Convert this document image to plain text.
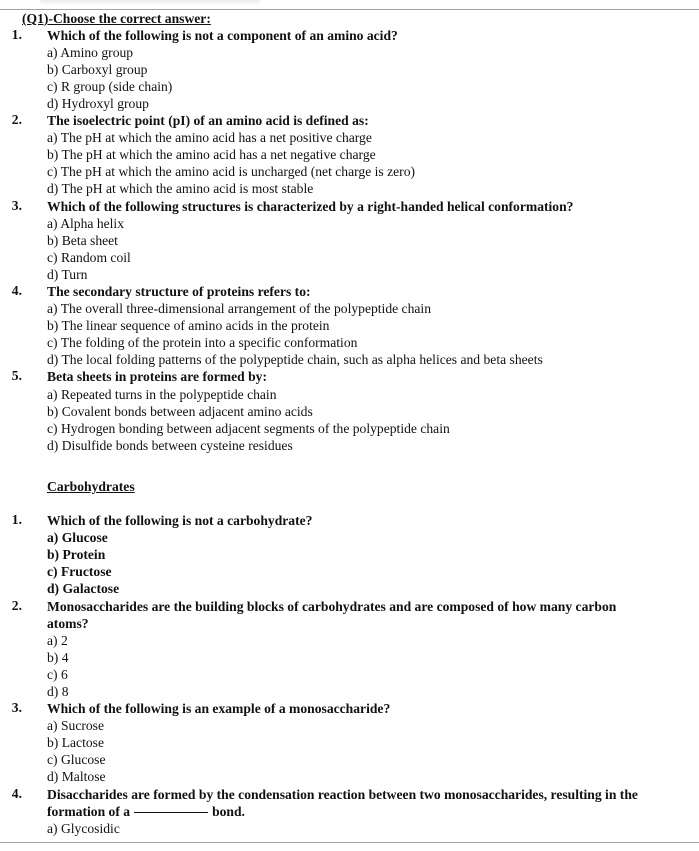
(Q1)-Choose the correct answer:
1. Which of the following is not a component of an amino acid?
a) Amino group
b) Carboxyl group
c) R group (side chain)
d) Hydroxyl group
2. The isoelectric point (pI) of an amino acid is defined as:
a) The pH at which the amino acid has a net positive charge
b) The pH at which the amino acid has a net negative charge
c) The pH at which the amino acid is uncharged (net charge is zero)
d) The pH at which the amino acid is most stable
3. Which of the following structures is characterized by a right-handed helical conformation?
a) Alpha helix
b) Beta sheet
c) Random coil
d) Turn
4. The secondary structure of proteins refers to:
a) The overall three-dimensional arrangement of the polypeptide chain
b) The linear sequence of amino acids in the protein
c) The folding of the protein into a specific conformation
d) The local folding patterns of the polypeptide chain, such as alpha helices and beta sheets
5. Beta sheets in proteins are formed by:
a) Repeated turns in the polypeptide chain
b) Covalent bonds between adjacent amino acids
c) Hydrogen bonding between adjacent segments of the polypeptide chain
d) Disulfide bonds between cysteine residues
Carbohydrates
1. Which of the following is not a carbohydrate?
a) Glucose
b) Protein
c) Fructose
d) Galactose
2. Monosaccharides are the building blocks of carbohydrates and are composed of how many carbon
atoms?
a) 2
b) 4
c) 6
d) 8
3. Which of the following is an example of a monosaccharide?
a) Sucrose
b) Lactose
c) Glucose
d) Maltose
4. Disaccharides are formed by the condensation reaction between two monosaccharides, resulting in the
formation of a	bond.
a) Glycosidic
